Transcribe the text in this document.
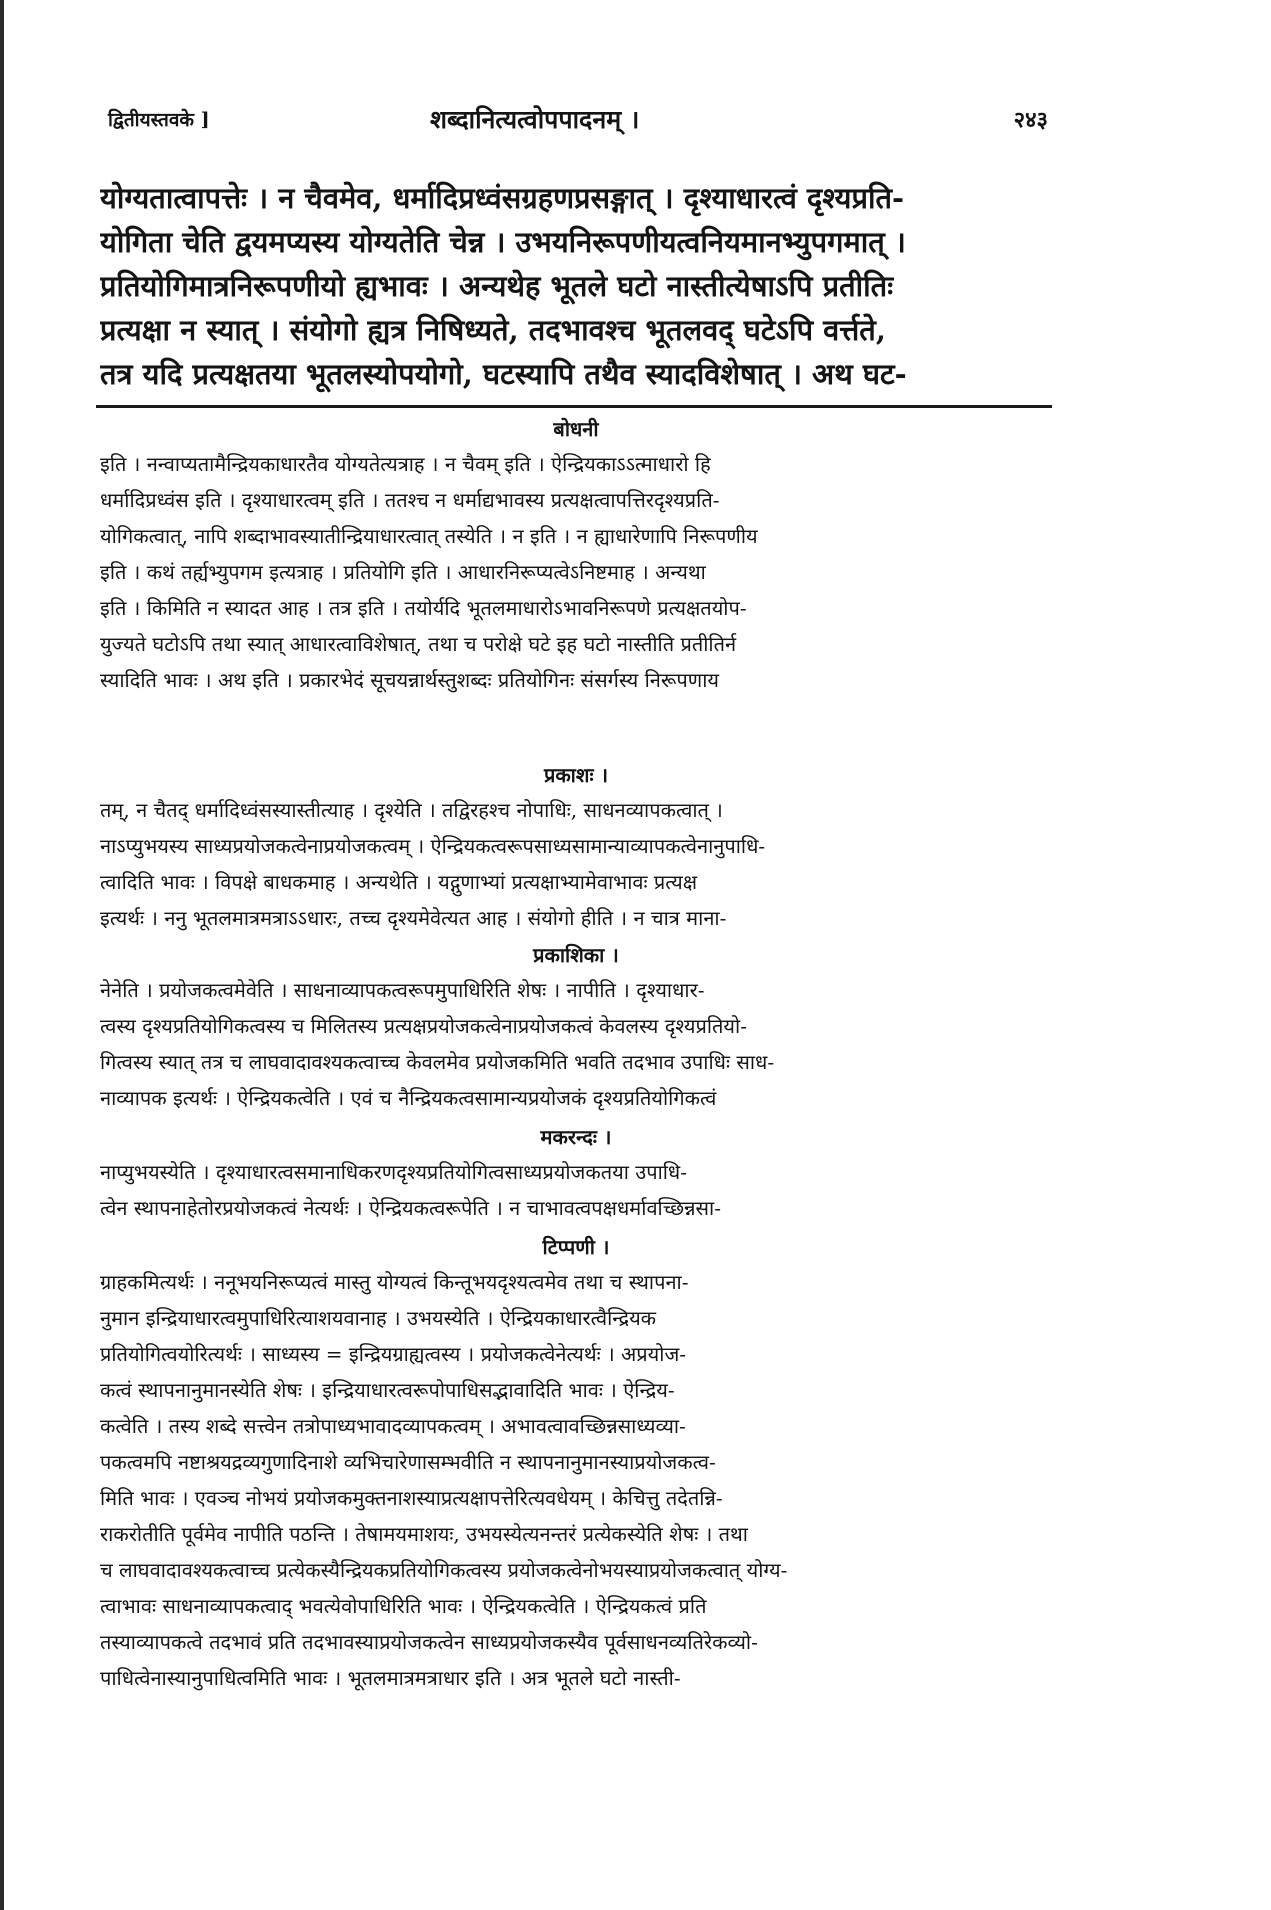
द्वितीयस्तवके ]	शब्दानित्यत्वोपपादनम् ।	२४३
योग्यतात्वापत्तेः । न चैवमेव, धर्मादिप्रध्वंसग्रहणप्रसङ्गात् । दृश्याधारत्वं दृश्यप्रति-
योगिता चेति द्वयमप्यस्य योग्यतेति चेन्न । उभयनिरूपणीयत्वनियमानभ्युपगमात् ।
प्रतियोगिमात्रनिरूपणीयो ह्यभावः । अन्यथेह भूतले घटो नास्तीत्येषाऽपि प्रतीतिः
प्रत्यक्षा न स्यात् । संयोगो ह्यत्र निषिध्यते, तदभावश्च भूतलवद् घटेऽपि वर्त्तते,
तत्र यदि प्रत्यक्षतया भूतलस्योपयोगो, घटस्यापि तथैव स्यादविशेषात् । अथ घट-
बोधनी
इति । नन्वाप्यतामैन्द्रियकाधारतैव योग्यतेत्यत्राह । न चैवम् इति । ऐन्द्रियकाऽऽत्माधारो हि
धर्मादिप्रध्वंस इति । दृश्याधारत्वम् इति । ततश्च न धर्माद्यभावस्य प्रत्यक्षत्वापत्तिरदृश्यप्रति-
योगिकत्वात्, नापि शब्दाभावस्यातीन्द्रियाधारत्वात् तस्येति । न इति । न ह्याधारेणापि निरूपणीय
इति । कथं तर्ह्यभ्युपगम इत्यत्राह । प्रतियोगि इति । आधारनिरूप्यत्वेऽनिष्टमाह । अन्यथा
इति । किमिति न स्यादत आह । तत्र इति । तयोर्यदि भूतलमाधारोऽभावनिरूपणे प्रत्यक्षतयोप-
युज्यते घटोऽपि तथा स्यात् आधारत्वाविशेषात्, तथा च परोक्षे घटे इह घटो नास्तीति प्रतीतिर्न
स्यादिति भावः । अथ इति । प्रकारभेदं सूचयन्नार्थस्तुशब्दः प्रतियोगिनः संसर्गस्य निरूपणाय
प्रकाशः ।
तम्, न चैतद् धर्मादिध्वंसस्यास्तीत्याह । दृश्येति । तद्विरहश्च नोपाधिः, साधनव्यापकत्वात् ।
नाऽप्युभयस्य साध्यप्रयोजकत्वेनाप्रयोजकत्वम् । ऐन्द्रियकत्वरूपसाध्यसामान्याव्यापकत्वेनानुपाधि-
त्वादिति भावः । विपक्षे बाधकमाह । अन्यथेति । यद्गुणाभ्यां प्रत्यक्षाभ्यामेवाभावः प्रत्यक्ष
इत्यर्थः । ननु भूतलमात्रमत्राऽऽधारः, तच्च दृश्यमेवेत्यत आह । संयोगो हीति । न चात्र माना-
प्रकाशिका ।
नेनेति । प्रयोजकत्वमेवेति । साधनाव्यापकत्वरूपमुपाधिरिति शेषः । नापीति । दृश्याधार-
त्वस्य दृश्यप्रतियोगिकत्वस्य च मिलितस्य प्रत्यक्षप्रयोजकत्वेनाप्रयोजकत्वं केवलस्य दृश्यप्रतियो-
गित्वस्य स्यात् तत्र च लाघवादावश्यकत्वाच्च केवलमेव प्रयोजकमिति भवति तदभाव उपाधिः साध-
नाव्यापक इत्यर्थः । ऐन्द्रियकत्वेति । एवं च नैन्द्रियकत्वसामान्यप्रयोजकं दृश्यप्रतियोगिकत्वं
मकरन्दः ।
नाप्युभयस्येति । दृश्याधारत्वसमानाधिकरणदृश्यप्रतियोगित्वसाध्यप्रयोजकतया उपाधि-
त्वेन स्थापनाहेतोरप्रयोजकत्वं नेत्यर्थः । ऐन्द्रियकत्वरूपेति । न चाभावत्वपक्षधर्मावच्छिन्नसा-
टिप्पणी ।
ग्राहकमित्यर्थः । ननूभयनिरूप्यत्वं मास्तु योग्यत्वं किन्तूभयदृश्यत्वमेव तथा च स्थापना-
नुमान इन्द्रियाधारत्वमुपाधिरित्याशयवानाह । उभयस्येति । ऐन्द्रियकाधारत्वैन्द्रियक
प्रतियोगित्वयोरित्यर्थः । साध्यस्य = इन्द्रियग्राह्यत्वस्य । प्रयोजकत्वेनेत्यर्थः । अप्रयोज-
कत्वं स्थापनानुमानस्येति शेषः । इन्द्रियाधारत्वरूपोपाधिसद्भावादिति भावः । ऐन्द्रिय-
कत्वेति । तस्य शब्दे सत्त्वेन तत्रोपाध्यभावादव्यापकत्वम् । अभावत्वावच्छिन्नसाध्यव्या-
पकत्वमपि नष्टाश्रयद्रव्यगुणादिनाशे व्यभिचारेणासम्भवीति न स्थापनानुमानस्याप्रयोजकत्व-
मिति भावः । एवञ्च नोभयं प्रयोजकमुक्तनाशस्याप्रत्यक्षापत्तेरित्यवधेयम् । केचित्तु तदेतन्नि-
राकरोतीति पूर्वमेव नापीति पठन्ति । तेषामयमाशयः, उभयस्येत्यनन्तरं प्रत्येकस्येति शेषः । तथा
च लाघवादावश्यकत्वाच्च प्रत्येकस्यैन्द्रियकप्रतियोगिकत्वस्य प्रयोजकत्वेनोभयस्याप्रयोजकत्वात् योग्य-
त्वाभावः साधनाव्यापकत्वाद् भवत्येवोपाधिरिति भावः । ऐन्द्रियकत्वेति । ऐन्द्रियकत्वं प्रति
तस्याव्यापकत्वे तदभावं प्रति तदभावस्याप्रयोजकत्वेन साध्यप्रयोजकस्यैव पूर्वसाधनव्यतिरेकव्यो-
पाधित्वेनास्यानुपाधित्वमिति भावः । भूतलमात्रमत्राधार इति । अत्र भूतले घटो नास्ती-
